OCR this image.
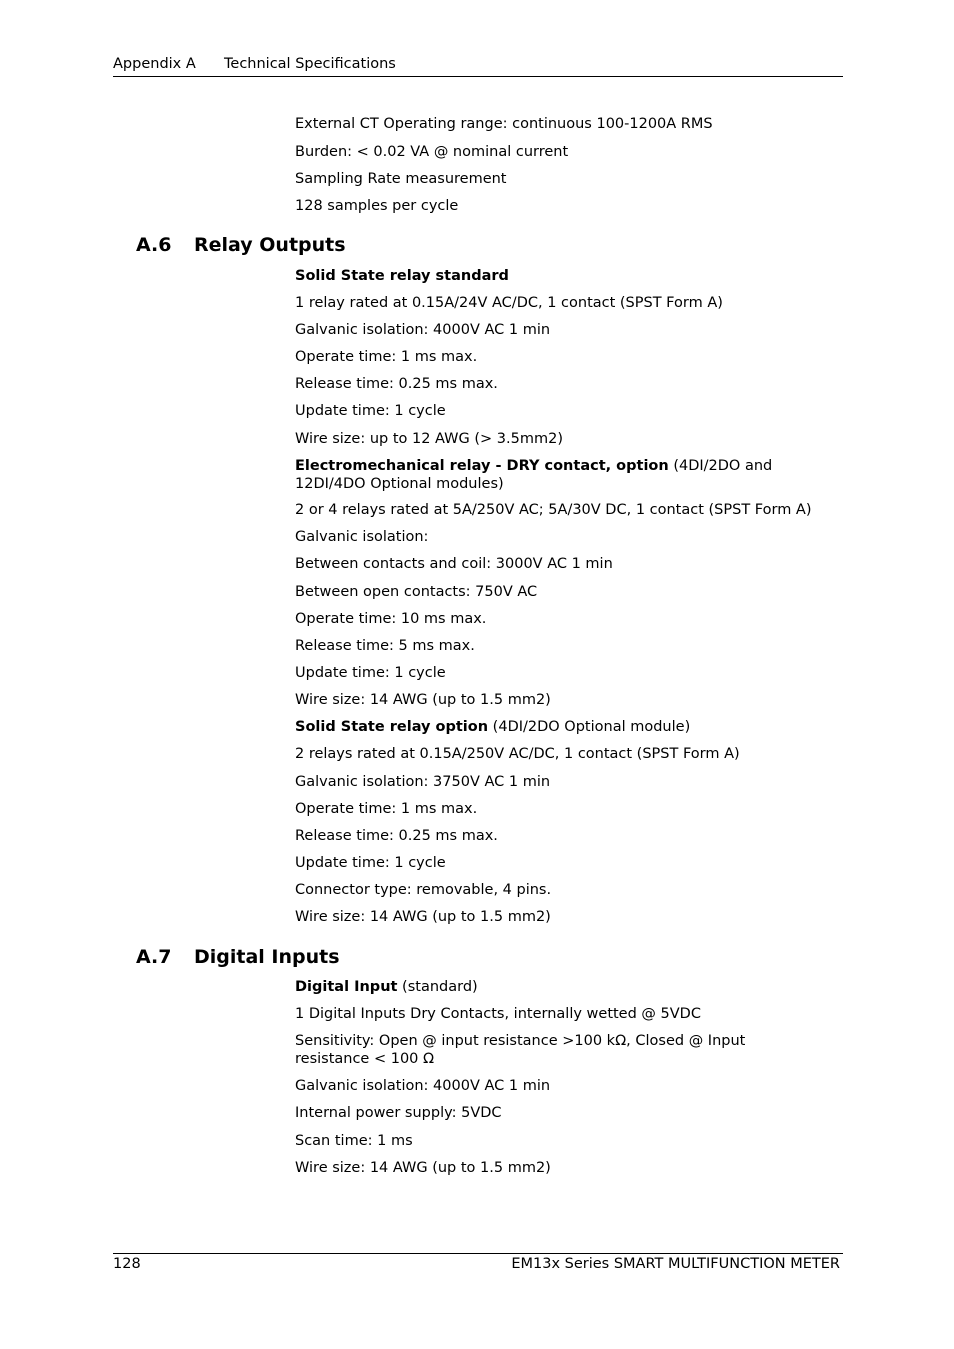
Appendix A Technical Specifications
External CT Operating range: continuous 100-1200A RMS
Burden: < 0.02 VA @ nominal current
Sampling Rate measurement
128 samples per cycle
A.6 Relay Outputs
Solid State relay standard
1 relay rated at 0.15A/24V AC/DC, 1 contact (SPST Form A)
Galvanic isolation: 4000V AC 1 min
Operate time: 1 ms max.
Release time: 0.25 ms max.
Update time: 1 cycle
Wire size: up to 12 AWG (> 3.5mm2)
Electromechanical relay - DRY contact, option (4DI/2DO and 12DI/4DO Optional modules)
2 or 4 relays rated at 5A/250V AC; 5A/30V DC, 1 contact (SPST Form A)
Galvanic isolation:
Between contacts and coil: 3000V AC 1 min
Between open contacts: 750V AC
Operate time: 10 ms max.
Release time: 5 ms max.
Update time: 1 cycle
Wire size: 14 AWG (up to 1.5 mm2)
Solid State relay option (4DI/2DO Optional module)
2 relays rated at 0.15A/250V AC/DC, 1 contact (SPST Form A)
Galvanic isolation: 3750V AC 1 min
Operate time: 1 ms max.
Release time: 0.25 ms max.
Update time: 1 cycle
Connector type: removable, 4 pins.
Wire size: 14 AWG (up to 1.5 mm2)
A.7 Digital Inputs
Digital Input (standard)
1 Digital Inputs Dry Contacts, internally wetted @ 5VDC
Sensitivity: Open @ input resistance >100 kΩ, Closed @ Input resistance < 100 Ω
Galvanic isolation: 4000V AC 1 min
Internal power supply: 5VDC
Scan time: 1 ms
Wire size: 14 AWG (up to 1.5 mm2)
128	EM13x Series SMART MULTIFUNCTION METER
